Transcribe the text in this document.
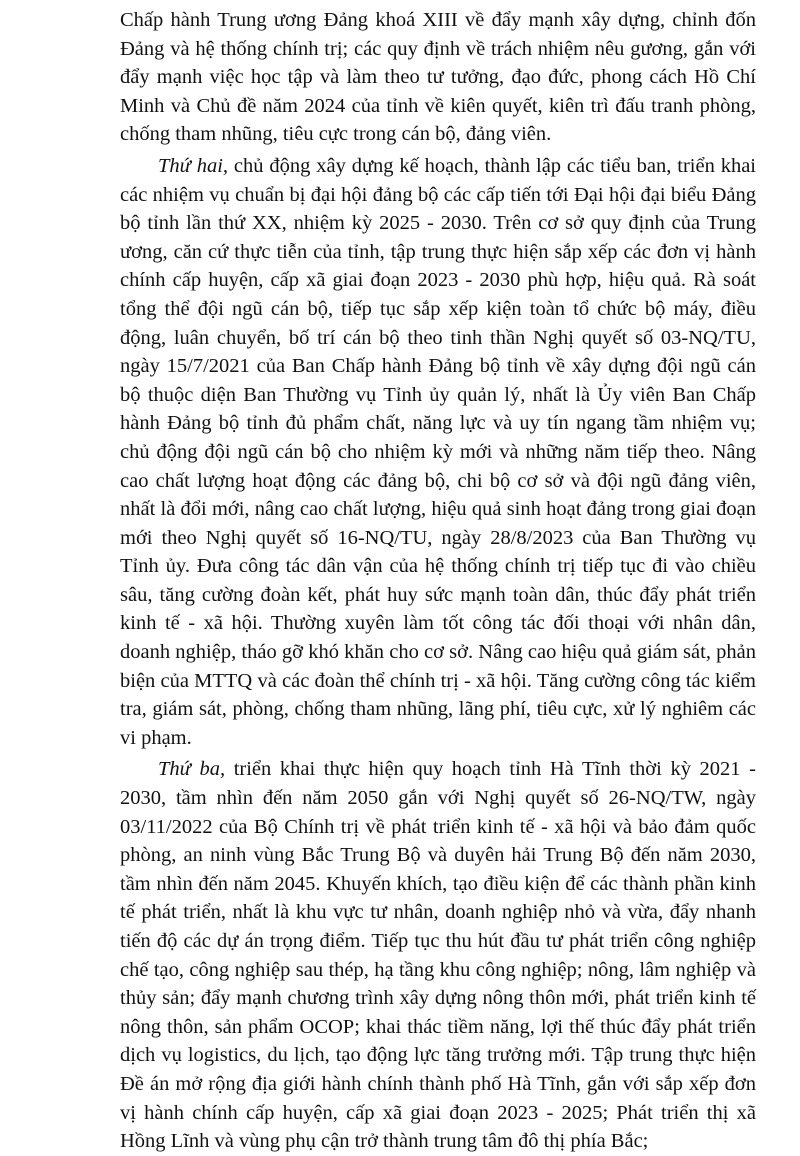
Chấp hành Trung ương Đảng khoá XIII về đẩy mạnh xây dựng, chỉnh đốn Đảng và hệ thống chính trị; các quy định về trách nhiệm nêu gương, gắn với đẩy mạnh việc học tập và làm theo tư tưởng, đạo đức, phong cách Hồ Chí Minh và Chủ đề năm 2024 của tỉnh về kiên quyết, kiên trì đấu tranh phòng, chống tham nhũng, tiêu cực trong cán bộ, đảng viên.

Thứ hai, chủ động xây dựng kế hoạch, thành lập các tiểu ban, triển khai các nhiệm vụ chuẩn bị đại hội đảng bộ các cấp tiến tới Đại hội đại biểu Đảng bộ tỉnh lần thứ XX, nhiệm kỳ 2025 - 2030. Trên cơ sở quy định của Trung ương, căn cứ thực tiễn của tỉnh, tập trung thực hiện sắp xếp các đơn vị hành chính cấp huyện, cấp xã giai đoạn 2023 - 2030 phù hợp, hiệu quả. Rà soát tổng thể đội ngũ cán bộ, tiếp tục sắp xếp kiện toàn tổ chức bộ máy, điều động, luân chuyển, bố trí cán bộ theo tinh thần Nghị quyết số 03-NQ/TU, ngày 15/7/2021 của Ban Chấp hành Đảng bộ tỉnh về xây dựng đội ngũ cán bộ thuộc diện Ban Thường vụ Tỉnh ủy quản lý, nhất là Ủy viên Ban Chấp hành Đảng bộ tỉnh đủ phẩm chất, năng lực và uy tín ngang tầm nhiệm vụ; chủ động đội ngũ cán bộ cho nhiệm kỳ mới và những năm tiếp theo. Nâng cao chất lượng hoạt động các đảng bộ, chi bộ cơ sở và đội ngũ đảng viên, nhất là đổi mới, nâng cao chất lượng, hiệu quả sinh hoạt đảng trong giai đoạn mới theo Nghị quyết số 16-NQ/TU, ngày 28/8/2023 của Ban Thường vụ Tỉnh ủy. Đưa công tác dân vận của hệ thống chính trị tiếp tục đi vào chiều sâu, tăng cường đoàn kết, phát huy sức mạnh toàn dân, thúc đẩy phát triển kinh tế - xã hội. Thường xuyên làm tốt công tác đối thoại với nhân dân, doanh nghiệp, tháo gỡ khó khăn cho cơ sở. Nâng cao hiệu quả giám sát, phản biện của MTTQ và các đoàn thể chính trị - xã hội. Tăng cường công tác kiểm tra, giám sát, phòng, chống tham nhũng, lãng phí, tiêu cực, xử lý nghiêm các vi phạm.

Thứ ba, triển khai thực hiện quy hoạch tỉnh Hà Tĩnh thời kỳ 2021 - 2030, tầm nhìn đến năm 2050 gắn với Nghị quyết số 26-NQ/TW, ngày 03/11/2022 của Bộ Chính trị về phát triển kinh tế - xã hội và bảo đảm quốc phòng, an ninh vùng Bắc Trung Bộ và duyên hải Trung Bộ đến năm 2030, tầm nhìn đến năm 2045. Khuyến khích, tạo điều kiện để các thành phần kinh tế phát triển, nhất là khu vực tư nhân, doanh nghiệp nhỏ và vừa, đẩy nhanh tiến độ các dự án trọng điểm. Tiếp tục thu hút đầu tư phát triển công nghiệp chế tạo, công nghiệp sau thép, hạ tầng khu công nghiệp; nông, lâm nghiệp và thủy sản; đẩy mạnh chương trình xây dựng nông thôn mới, phát triển kinh tế nông thôn, sản phẩm OCOP; khai thác tiềm năng, lợi thế thúc đẩy phát triển dịch vụ logistics, du lịch, tạo động lực tăng trưởng mới. Tập trung thực hiện Đề án mở rộng địa giới hành chính thành phố Hà Tĩnh, gắn với sắp xếp đơn vị hành chính cấp huyện, cấp xã giai đoạn 2023 - 2025; Phát triển thị xã Hồng Lĩnh và vùng phụ cận trở thành trung tâm đô thị phía Bắc;
